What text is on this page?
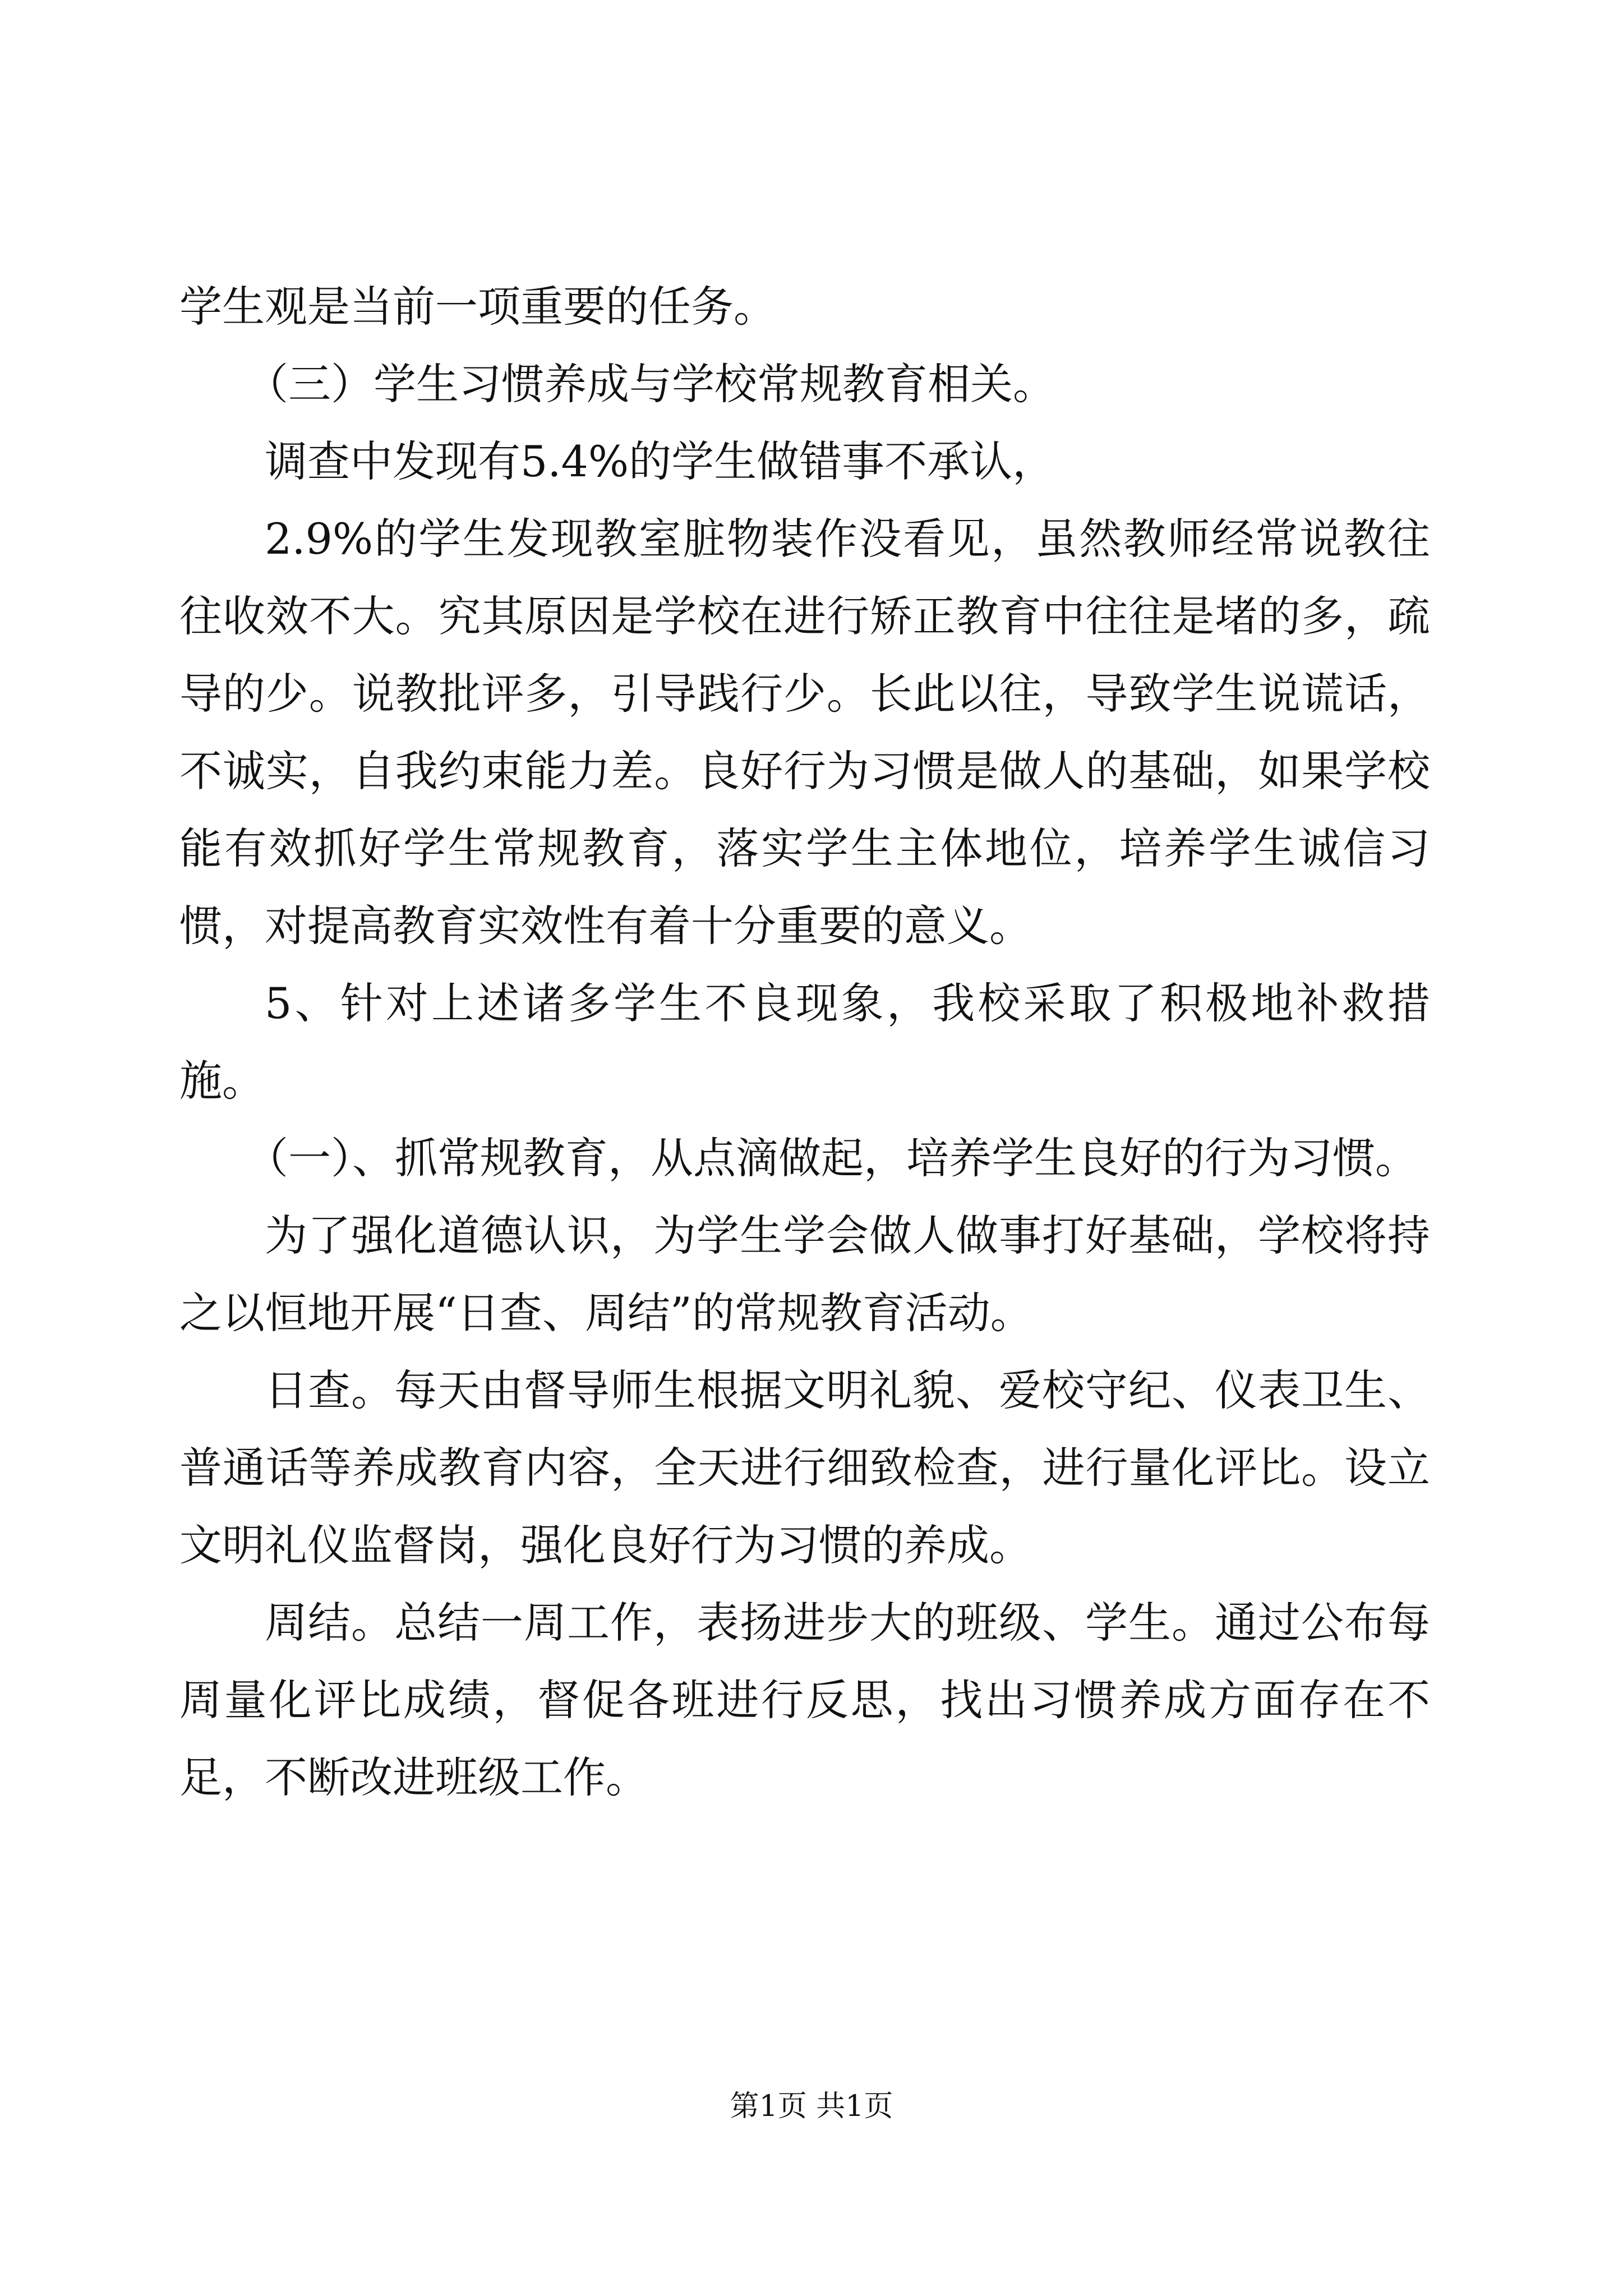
学生观是当前一项重要的任务。

（三）学生习惯养成与学校常规教育相关。

调查中发现有5.4%的学生做错事不承认，

2.9%的学生发现教室脏物装作没看见，虽然教师经常说教往往收效不大。究其原因是学校在进行矫正教育中往往是堵的多，疏导的少。说教批评多，引导践行少。长此以往，导致学生说谎话，不诚实，自我约束能力差。良好行为习惯是做人的基础，如果学校能有效抓好学生常规教育，落实学生主体地位，培养学生诚信习惯，对提高教育实效性有着十分重要的意义。

5、针对上述诸多学生不良现象，我校采取了积极地补救措施。

（一）、抓常规教育，从点滴做起，培养学生良好的行为习惯。

为了强化道德认识，为学生学会做人做事打好基础，学校将持之以恒地开展“日查、周结”的常规教育活动。

日查。每天由督导师生根据文明礼貌、爱校守纪、仪表卫生、普通话等养成教育内容，全天进行细致检查，进行量化评比。设立文明礼仪监督岗，强化良好行为习惯的养成。

周结。总结一周工作，表扬进步大的班级、学生。通过公布每周量化评比成绩，督促各班进行反思，找出习惯养成方面存在不足，不断改进班级工作。

第1页 共1页
